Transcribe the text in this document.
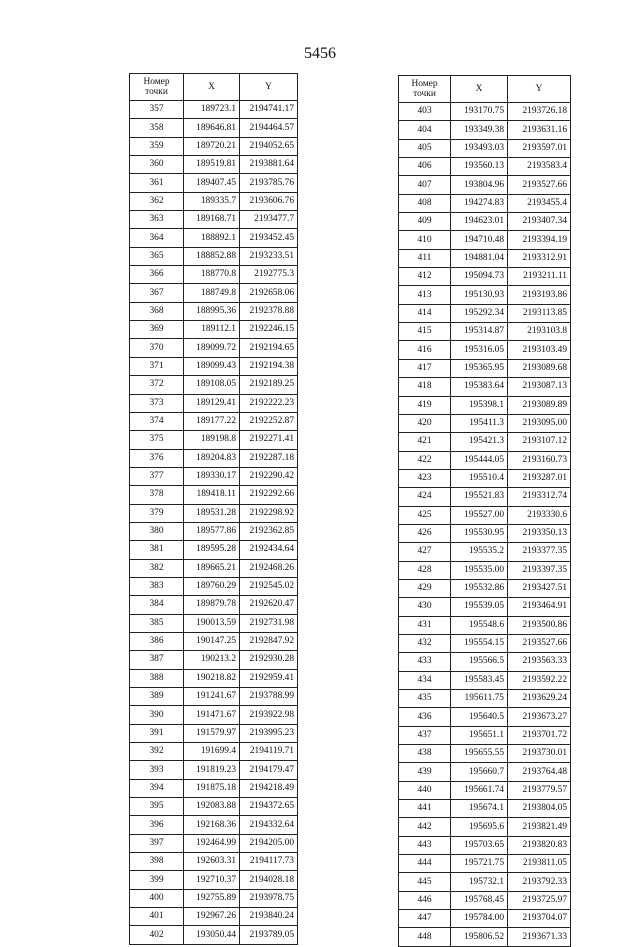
5456
Номер
точки	X	Y
357	189723.1	2194741.17
358	189646.81	2194464.57
359	189720.21	2194052.65
360	189519.81	2193881.64
361	189407.45	2193785.76
362	189335.7	2193606.76
363	189168.71	2193477.7
364	188892.1	2193452.45
365	188852.88	2193233.51
366	188770.8	2192775.3
367	188749.8	2192658.06
368	188995.36	2192378.88
369	189112.1	2192246.15
370	189099.72	2192194.65
371	189099.43	2192194.38
372	189108.05	2192189.25
373	189129.41	2192222.23
374	189177.22	2192252.87
375	189198.8	2192271.41
376	189204.83	2192287.18
377	189330.17	2192290.42
378	189418.11	2192292.66
379	189531.28	2192298.92
380	189577.86	2192362.85
381	189595.28	2192434.64
382	189665.21	2192468.26
383	189760.29	2192545.02
384	189879.78	2192620.47
385	190013.59	2192731.98
386	190147.25	2192847.92
387	190213.2	2192930.28
388	190218.82	2192959.41
389	191241.67	2193788.99
390	191471.67	2193922.98
391	191579.97	2193995.23
392	191699.4	2194119.71
393	191819.23	2194179.47
394	191875.18	2194218.49
395	192083.88	2194372.65
396	192168.36	2194332.64
397	192464.99	2194205.00
398	192603.31	2194117.73
399	192710.37	2194028.18
400	192755.89	2193978.75
401	192967.26	2193840.24
402	193050.44	2193789.05
Номер
точки	X	Y
403	193170.75	2193726.18
404	193349.38	2193631.16
405	193493.03	2193597.01
406	193560.13	2193583.4
407	193804.96	2193527.66
408	194274.83	2193455.4
409	194623.01	2193407.34
410	194710.48	2193394.19
411	194881.04	2193312.91
412	195094.73	2193211.11
413	195130.93	2193193.86
414	195292.34	2193113.85
415	195314.87	2193103.8
416	195316.05	2193103.49
417	195365.95	2193089.68
418	195383.64	2193087.13
419	195398.1	2193089.89
420	195411.3	2193095.00
421	195421.3	2193107.12
422	195444.05	2193160.73
423	195510.4	2193287.01
424	195521.83	2193312.74
425	195527.00	2193330.6
426	195530.95	2193350.13
427	195535.2	2193377.35
428	195535.00	2193397.35
429	195532.86	2193427.51
430	195539.05	2193464.91
431	195548.6	2193500.86
432	195554.15	2193527.66
433	195566.5	2193563.33
434	195583.45	2193592.22
435	195611.75	2193629.24
436	195640.5	2193673.27
437	195651.1	2193701.72
438	195655.55	2193730.01
439	195660.7	2193764.48
440	195661.74	2193779.57
441	195674.1	2193804.05
442	195695.6	2193821.49
443	195703.65	2193820.83
444	195721.75	2193811.05
445	195732.1	2193792.33
446	195768.45	2193725.97
447	195784.00	2193704.07
448	195806.52	2193671.33
